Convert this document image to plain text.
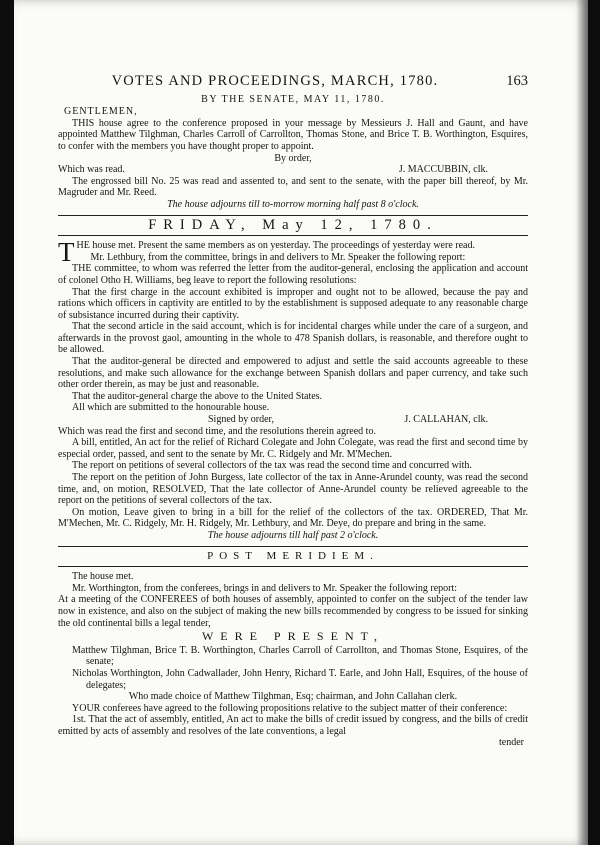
VOTES AND PROCEEDINGS, MARCH, 1780.	163
BY THE SENATE, MAY 11, 1780.
GENTLEMEN,

THIS house agree to the conference proposed in your message by Messieurs J. Hall and Gaunt, and have appointed Matthew Tilghman, Charles Carroll of Carrollton, Thomas Stone, and Brice T. B. Worthington, Esquires, to confer with the members you have thought proper to appoint.

By order,
Which was read.	J. MACCUBBIN, clk.

The engrossed bill No. 25 was read and assented to, and sent to the senate, with the paper bill thereof, by Mr. Magruder and Mr. Reed.

The house adjourns till to-morrow morning half past 8 o'clock.
FRIDAY, May 12, 1780.

THE house met. Present the same members as on yesterday. The proceedings of yesterday were read.

Mr. Lethbury, from the committee, brings in and delivers to Mr. Speaker the following report:

THE committee, to whom was referred the letter from the auditor-general, enclosing the application and account of colonel Otho H. Williams, beg leave to report the following resolutions:

That the first charge in the account exhibited is improper and ought not to be allowed, because the pay and rations which officers in captivity are entitled to by the establishment is supposed adequate to any reasonable charge of subsistance incurred during their captivity.

That the second article in the said account, which is for incidental charges while under the care of a surgeon, and afterwards in the provost gaol, amounting in the whole to 478 Spanish dollars, is reasonable, and therefore ought to be allowed.

That the auditor-general be directed and empowered to adjust and settle the said accounts agreeable to these resolutions, and make such allowance for the exchange between Spanish dollars and paper currency, and take such other order therein, as may be just and reasonable.

That the auditor-general charge the above to the United States.

All which are submitted to the honourable house.

Signed by order,	J. CALLAHAN, clk.

Which was read the first and second time, and the resolutions therein agreed to.

A bill, entitled, An act for the relief of Richard Colegate and John Colegate, was read the first and second time by especial order, passed, and sent to the senate by Mr. C. Ridgely and Mr. M'Mechen.

The report on petitions of several collectors of the tax was read the second time and concurred with.

The report on the petition of John Burgess, late collector of the tax in Anne-Arundel county, was read the second time, and, on motion, RESOLVED, That the late collector of Anne-Arundel county be relieved agreeable to the report on the petitions of several collectors of the tax.

On motion, Leave given to bring in a bill for the relief of the collectors of the tax. ORDERED, That Mr. M'Mechen, Mr. C. Ridgely, Mr. H. Ridgely, Mr. Lethbury, and Mr. Deye, do prepare and bring in the same.

The house adjourns till half past 2 o'clock.
POST MERIDIEM.

The house met.

Mr. Worthington, from the conferees, brings in and delivers to Mr. Speaker the following report:

At a meeting of the CONFEREES of both houses of assembly, appointed to confer on the subject of the tender law now in existence, and also on the subject of making the new bills recommended by congress to be issued for sinking the old continental bills a legal tender,

WERE PRESENT,
Matthew Tilghman, Brice T. B. Worthington, Charles Carroll of Carrollton, and Thomas Stone, Esquires, of the senate;
Nicholas Worthington, John Cadwallader, John Henry, Richard T. Earle, and John Hall, Esquires, of the house of delegates;
Who made choice of Matthew Tilghman, Esq; chairman, and John Callahan clerk.

YOUR conferees have agreed to the following propositions relative to the subject matter of their conference:

1st. That the act of assembly, entitled, An act to make the bills of credit issued by congress, and the bills of credit emitted by acts of assembly and resolves of the late conventions, a legal

tender
